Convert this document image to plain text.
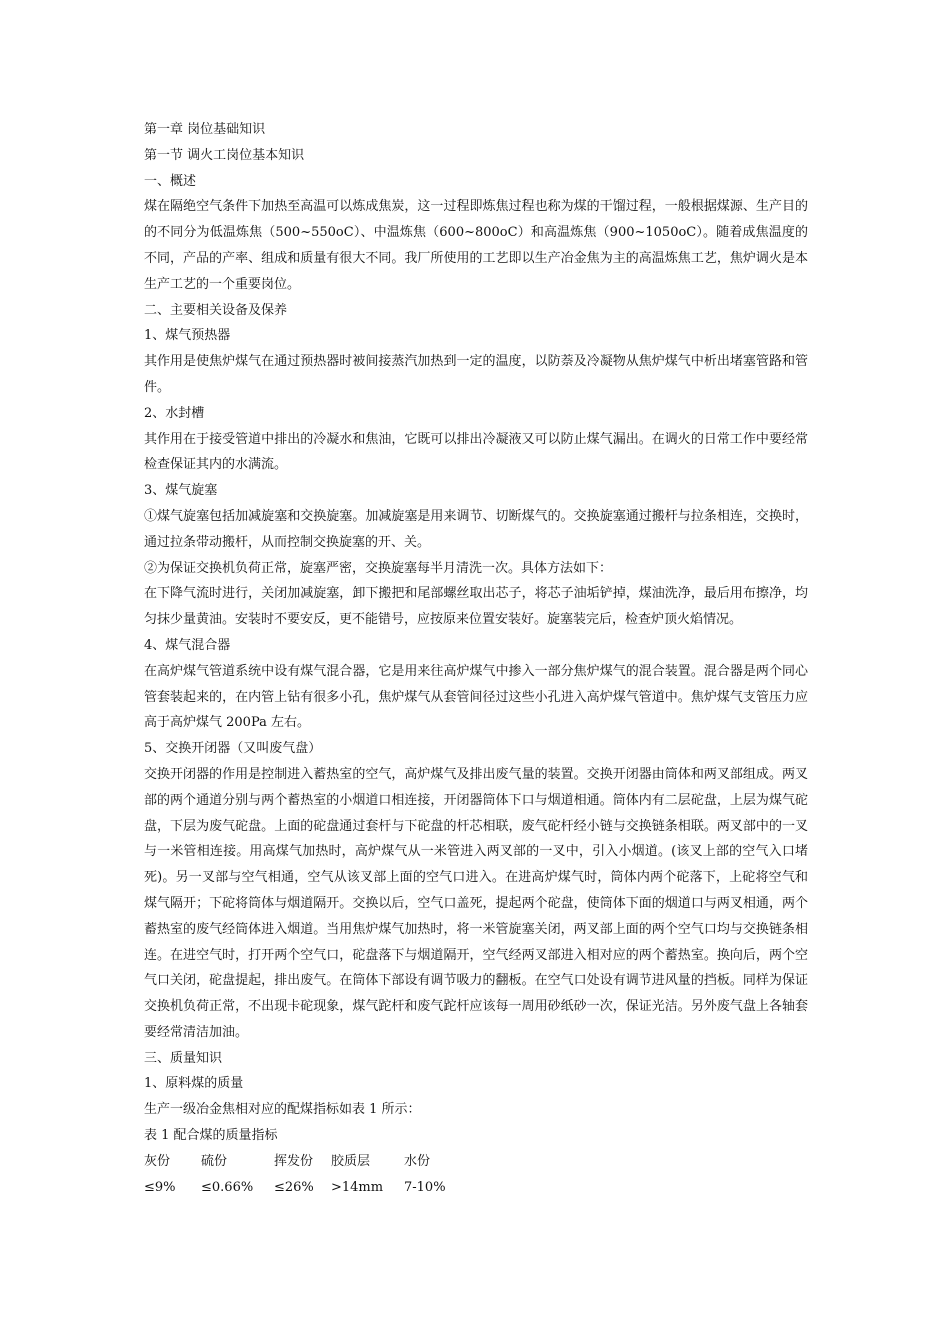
第一章 岗位基础知识
第一节 调火工岗位基本知识
一、概述

煤在隔绝空气条件下加热至高温可以炼成焦炭，这一过程即炼焦过程也称为煤的干馏过程，一般根据煤源、生产目的的不同分为低温炼焦（500~550oC）、中温炼焦（600~800oC）和高温炼焦（900~1050oC）。随着成焦温度的不同，产品的产率、组成和质量有很大不同。我厂所使用的工艺即以生产冶金焦为主的高温炼焦工艺，焦炉调火是本生产工艺的一个重要岗位。

二、主要相关设备及保养
1、煤气预热器

其作用是使焦炉煤气在通过预热器时被间接蒸汽加热到一定的温度，以防萘及冷凝物从焦炉煤气中析出堵塞管路和管件。

2、水封槽

其作用在于接受管道中排出的冷凝水和焦油，它既可以排出冷凝液又可以防止煤气漏出。在调火的日常工作中要经常检查保证其内的水满流。

3、煤气旋塞

①煤气旋塞包括加减旋塞和交换旋塞。加减旋塞是用来调节、切断煤气的。交换旋塞通过搬杆与拉条相连，交换时，通过拉条带动搬杆，从而控制交换旋塞的开、关。

②为保证交换机负荷正常，旋塞严密，交换旋塞每半月清洗一次。具体方法如下：

在下降气流时进行，关闭加减旋塞，卸下搬把和尾部螺丝取出芯子，将芯子油垢铲掉，煤油洗净，最后用布擦净，均匀抹少量黄油。安装时不要安反，更不能错号，应按原来位置安装好。旋塞装完后，检查炉顶火焰情况。

4、煤气混合器

在高炉煤气管道系统中设有煤气混合器，它是用来往高炉煤气中掺入一部分焦炉煤气的混合装置。混合器是两个同心管套装起来的，在内管上钻有很多小孔，焦炉煤气从套管间径过这些小孔进入高炉煤气管道中。焦炉煤气支管压力应高于高炉煤气 200Pa 左右。

5、交换开闭器（又叫废气盘）

交换开闭器的作用是控制进入蓄热室的空气，高炉煤气及排出废气量的装置。交换开闭器由筒体和两叉部组成。两叉部的两个通道分别与两个蓄热室的小烟道口相连接，开闭器筒体下口与烟道相通。筒体内有二层砣盘，上层为煤气砣盘，下层为废气砣盘。上面的砣盘通过套杆与下砣盘的杆芯相联，废气砣杆经小链与交换链条相联。两叉部中的一叉与一米管相连接。用高煤气加热时，高炉煤气从一米管进入两叉部的一叉中，引入小烟道。(该叉上部的空气入口堵死)。另一叉部与空气相通，空气从该叉部上面的空气口进入。在进高炉煤气时，筒体内两个砣落下，上砣将空气和煤气隔开；下砣将筒体与烟道隔开。交换以后，空气口盖死，提起两个砣盘，使筒体下面的烟道口与两叉相通，两个蓄热室的废气经筒体进入烟道。当用焦炉煤气加热时，将一米管旋塞关闭，两叉部上面的两个空气口均与交换链条相连。在进空气时，打开两个空气口，砣盘落下与烟道隔开，空气经两叉部进入相对应的两个蓄热室。换向后，两个空气口关闭，砣盘提起，排出废气。在筒体下部设有调节吸力的翻板。在空气口处设有调节进风量的挡板。同样为保证交换机负荷正常，不出现卡砣现象，煤气跎杆和废气跎杆应该每一周用砂纸砂一次，保证光洁。另外废气盘上各轴套要经常清洁加油。

三、质量知识
1、原料煤的质量
生产一级冶金焦相对应的配煤指标如表 1 所示：
表 1 配合煤的质量指标
灰份 硫份	挥发份 胶质层	水份
≤9% ≤0.66% ≤26% >14mm 7-10%
